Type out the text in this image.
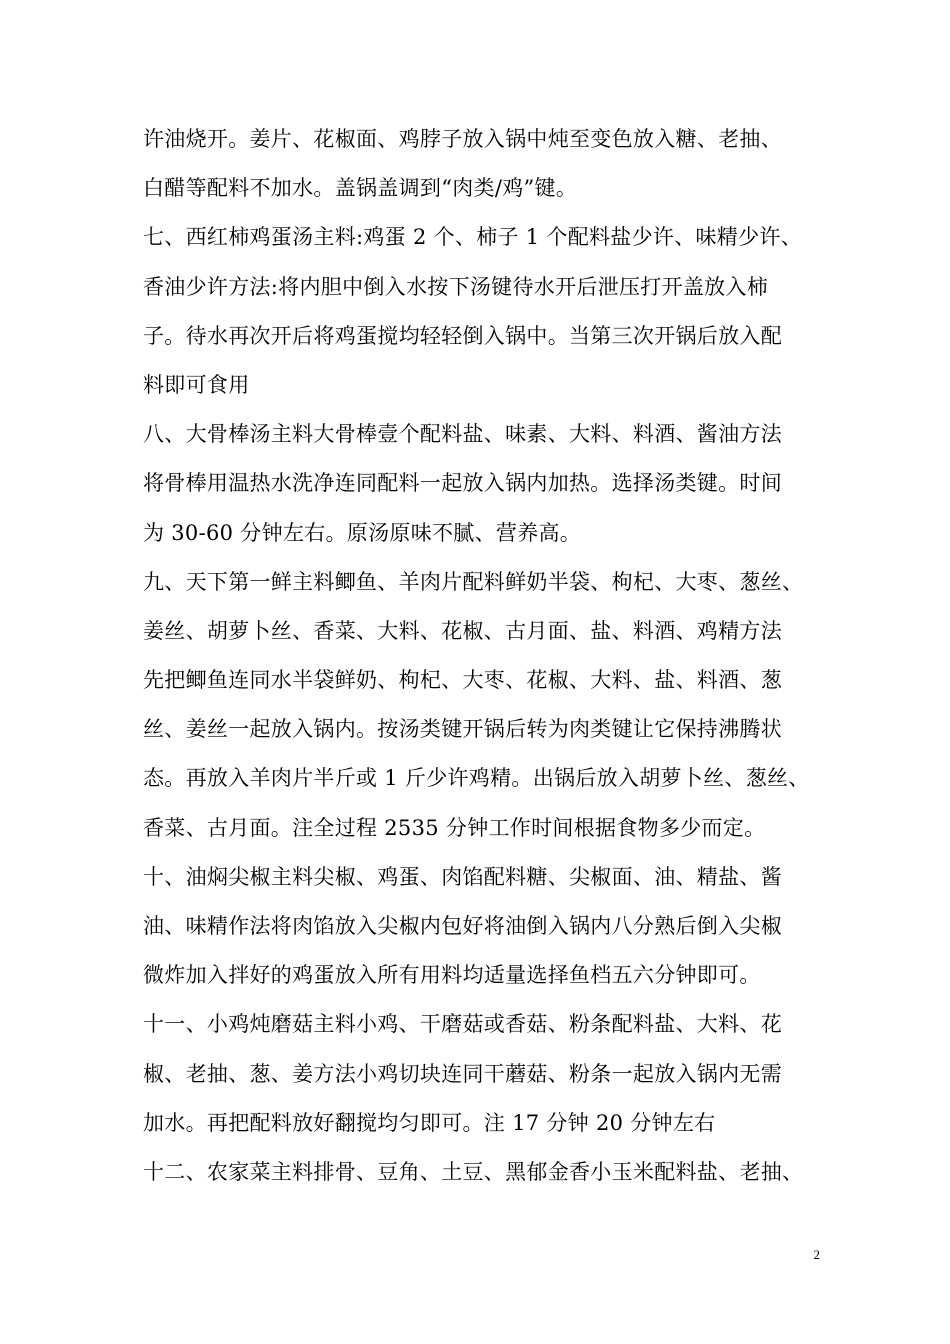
许油烧开。姜片、花椒面、鸡脖子放入锅中炖至变色放入糖、老抽、
白醋等配料不加水。盖锅盖调到“肉类/鸡”键。
七、西红柿鸡蛋汤主料:鸡蛋 2 个、柿子 1 个配料盐少许、味精少许、
香油少许方法:将内胆中倒入水按下汤键待水开后泄压打开盖放入柿
子。待水再次开后将鸡蛋搅均轻轻倒入锅中。当第三次开锅后放入配
料即可食用
八、大骨棒汤主料大骨棒壹个配料盐、味素、大料、料酒、酱油方法
将骨棒用温热水洗净连同配料一起放入锅内加热。选择汤类键。时间
为 30-60 分钟左右。原汤原味不腻、营养高。
九、天下第一鲜主料鲫鱼、羊肉片配料鲜奶半袋、枸杞、大枣、葱丝、
姜丝、胡萝卜丝、香菜、大料、花椒、古月面、盐、料酒、鸡精方法
先把鲫鱼连同水半袋鲜奶、枸杞、大枣、花椒、大料、盐、料酒、葱
丝、姜丝一起放入锅内。按汤类键开锅后转为肉类键让它保持沸腾状
态。再放入羊肉片半斤或 1 斤少许鸡精。出锅后放入胡萝卜丝、葱丝、
香菜、古月面。注全过程 2535 分钟工作时间根据食物多少而定。
十、油焖尖椒主料尖椒、鸡蛋、肉馅配料糖、尖椒面、油、精盐、酱
油、味精作法将肉馅放入尖椒内包好将油倒入锅内八分熟后倒入尖椒
微炸加入拌好的鸡蛋放入所有用料均适量选择鱼档五六分钟即可。
十一、小鸡炖磨菇主料小鸡、干磨菇或香菇、粉条配料盐、大料、花
椒、老抽、葱、姜方法小鸡切块连同干蘑菇、粉条一起放入锅内无需
加水。再把配料放好翻搅均匀即可。注 17 分钟 20 分钟左右
十二、农家菜主料排骨、豆角、土豆、黑郁金香小玉米配料盐、老抽、
2
